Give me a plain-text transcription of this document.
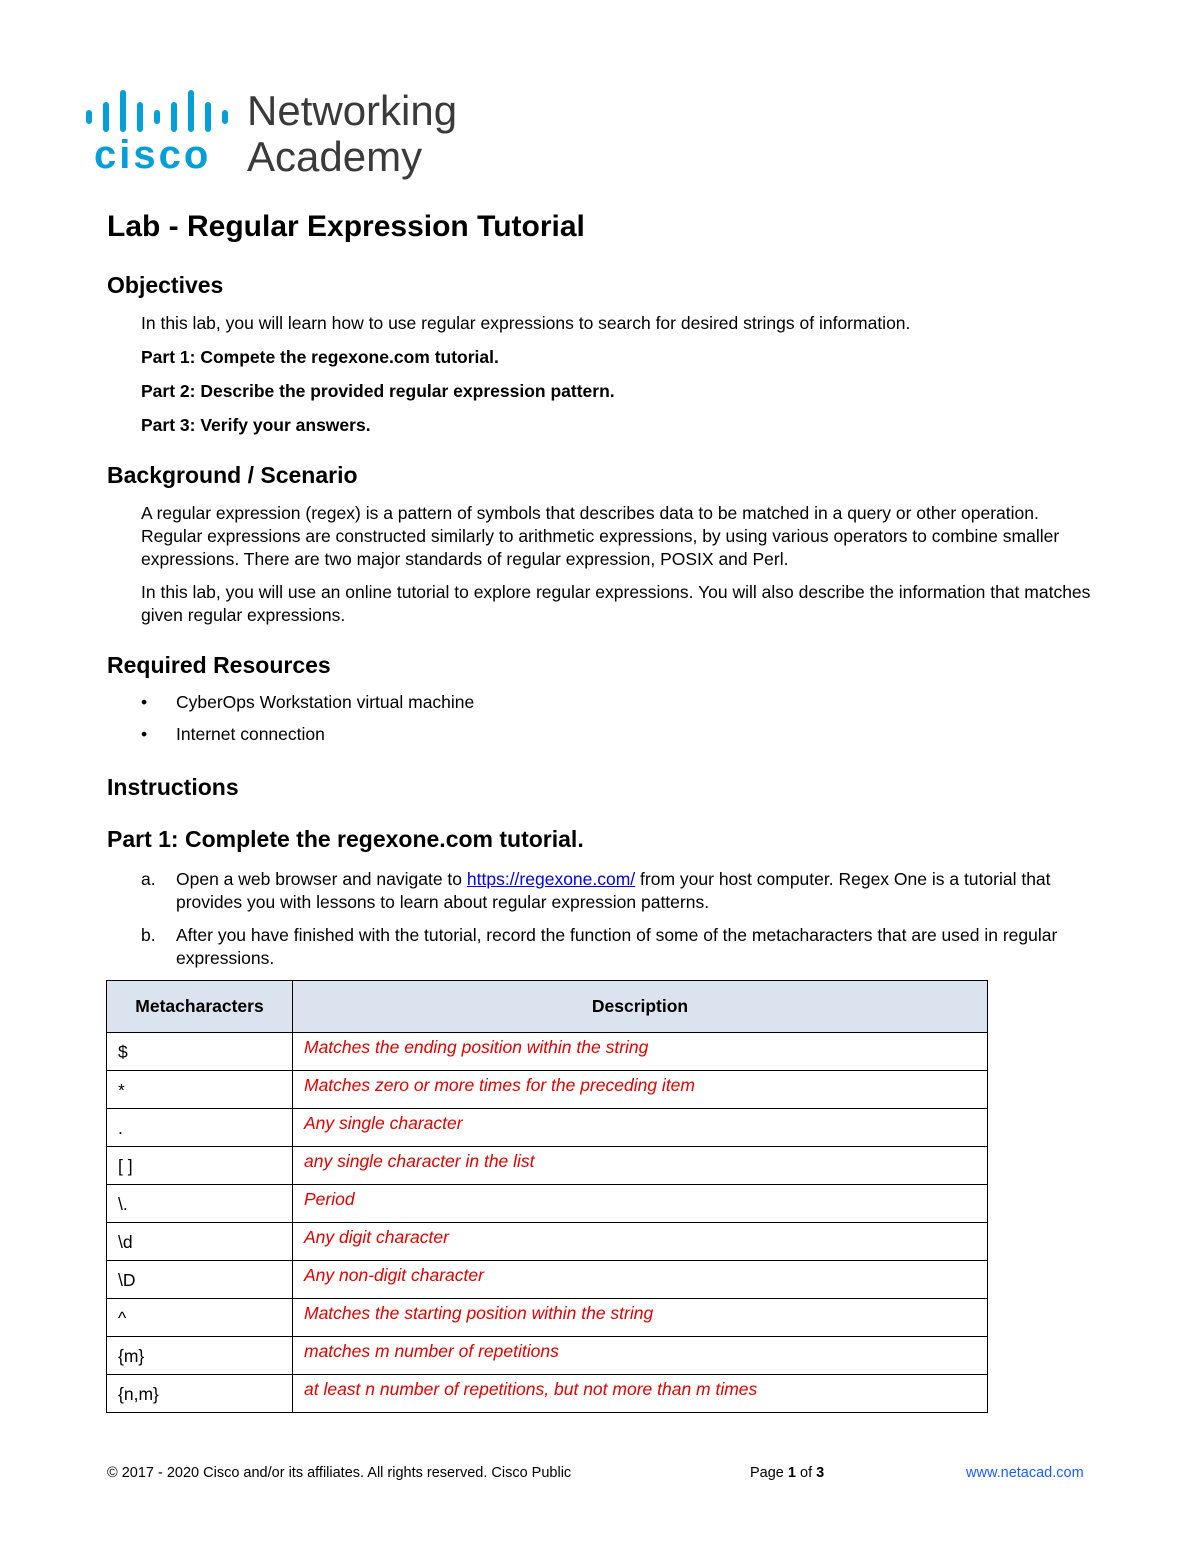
cisco
Networking
Academy
Lab - Regular Expression Tutorial
Objectives

In this lab, you will learn how to use regular expressions to search for desired strings of information.

Part 1: Compete the regexone.com tutorial.

Part 2: Describe the provided regular expression pattern.

Part 3: Verify your answers.

Background / Scenario

A regular expression (regex) is a pattern of symbols that describes data to be matched in a query or other operation. Regular expressions are constructed similarly to arithmetic expressions, by using various operators to combine smaller expressions. There are two major standards of regular expression, POSIX and Perl.

In this lab, you will use an online tutorial to explore regular expressions. You will also describe the information that matches given regular expressions.

Required Resources
• CyberOps Workstation virtual machine
• Internet connection
Instructions
Part 1: Complete the regexone.com tutorial.
a. Open a web browser and navigate to https://regexone.com/ from your host computer. Regex One is a tutorial that provides you with lessons to learn about regular expression patterns.
b. After you have finished with the tutorial, record the function of some of the metacharacters that are used in regular expressions.
Metacharacters	Description
$	Matches the ending position within the string
*	Matches zero or more times for the preceding item
.	Any single character
[ ]	any single character in the list
\.	Period
\d	Any digit character
\D	Any non-digit character
^	Matches the starting position within the string
{m}	matches m number of repetitions
{n,m}	at least n number of repetitions, but not more than m times
© 2017 - 2020 Cisco and/or its affiliates. All rights reserved. Cisco Public	Page 1 of 3	www.netacad.com
